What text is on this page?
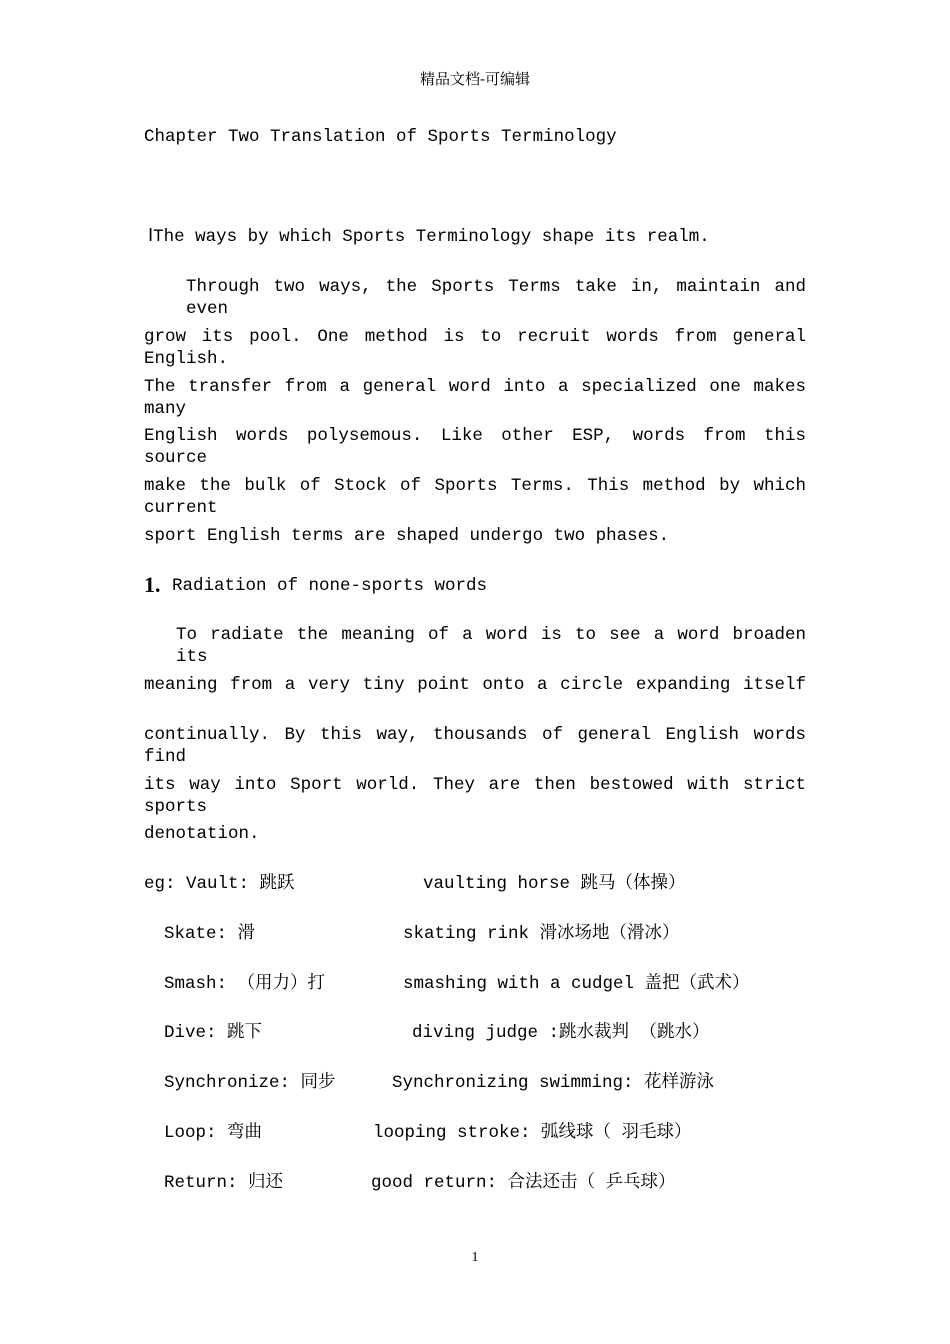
精品文档-可编辑
Chapter Two Translation of Sports Terminology
ⅠThe ways by which Sports Terminology shape its realm.
Through two ways, the Sports Terms take in, maintain and even
grow its pool. One method is to recruit words from general English.
The transfer from a general word into a specialized one makes many
English words polysemous. Like other ESP, words from this source
make the bulk of Stock of Sports Terms. This method by which current
sport English terms are shaped undergo two phases.
1. Radiation of none-sports words
To radiate the meaning of a word is to see a word broaden its
meaning from a very tiny point onto a circle expanding itself
continually. By this way, thousands of general English words find
its way into Sport world. They are then bestowed with strict sports
denotation.
eg: Vault: 跳跃	vaulting horse 跳马（体操）
Skate: 滑	skating rink 滑冰场地（滑冰）
Smash: （用力）打	smashing with a cudgel 盖把（武术）
Dive: 跳下	diving judge :跳水裁判 （跳水）
Synchronize: 同步	Synchronizing swimming: 花样游泳
Loop: 弯曲	looping stroke: 弧线球（ 羽毛球）
Return: 归还	good return: 合法还击（ 乒乓球）
1
